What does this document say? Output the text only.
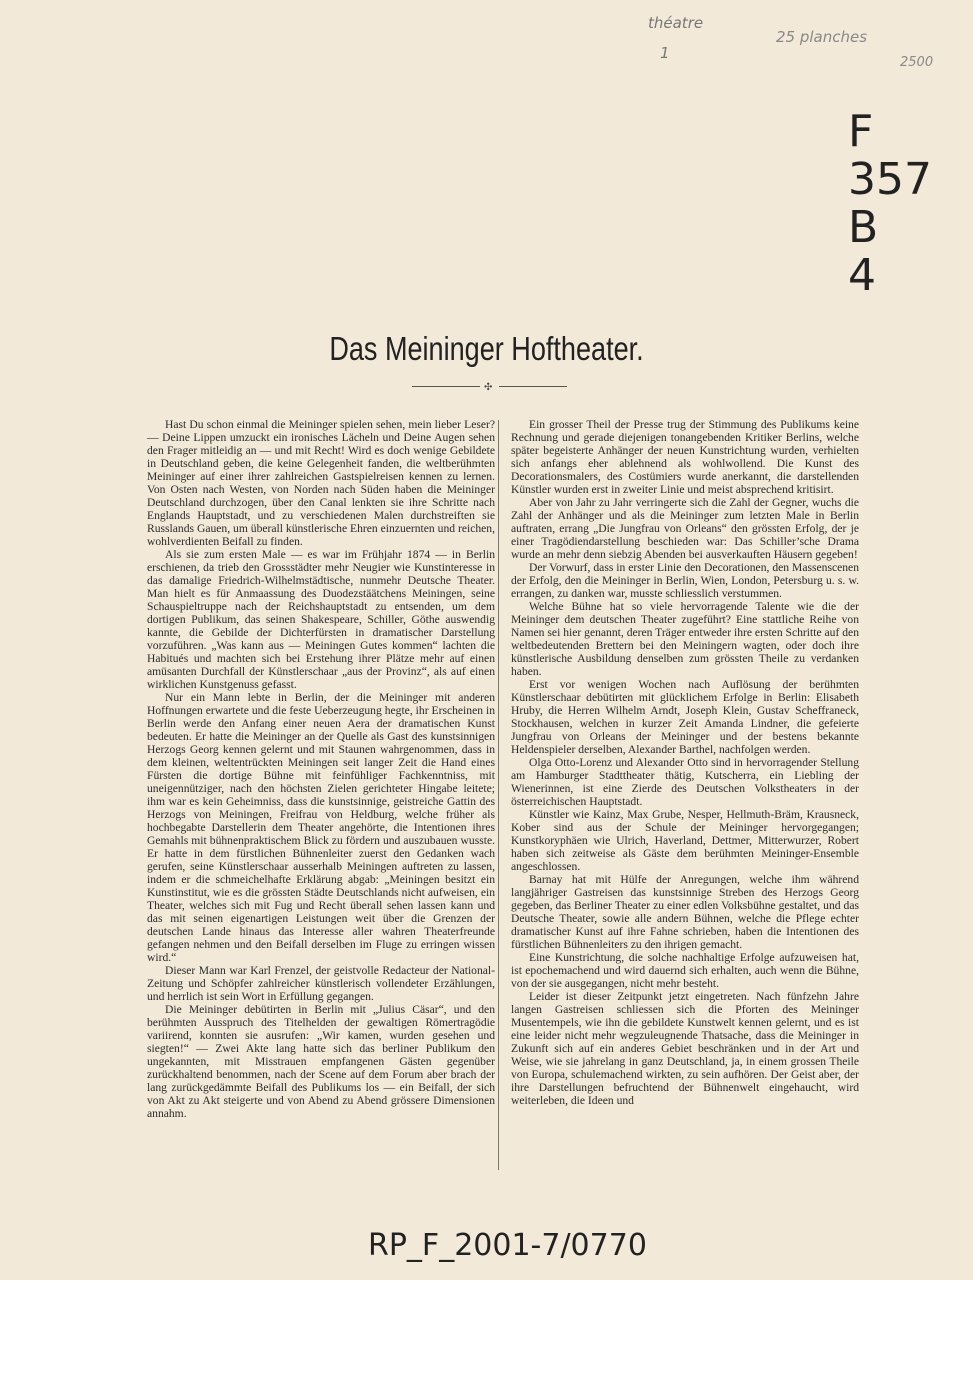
théatre
1
25 planches
2500
F
357
B
4
Das Meininger Hoftheater.
✣

Hast Du schon einmal die Meininger spielen sehen, mein lieber Leser? — Deine Lippen umzuckt ein ironisches Lächeln und Deine Augen sehen den Frager mitleidig an — und mit Recht! Wird es doch wenige Gebildete in Deutschland geben, die keine Gelegenheit fanden, die weltberühmten Meininger auf einer ihrer zahlreichen Gastspielreisen kennen zu lernen. Von Osten nach Westen, von Norden nach Süden haben die Meininger Deutschland durchzogen, über den Canal lenkten sie ihre Schritte nach Englands Hauptstadt, und zu verschiedenen Malen durchstreiften sie Russlands Gauen, um überall künstlerische Ehren einzuernten und reichen, wohlverdienten Beifall zu finden.

Als sie zum ersten Male — es war im Frühjahr 1874 — in Berlin erschienen, da trieb den Grossstädter mehr Neugier wie Kunstinteresse in das damalige Friedrich-Wilhelmstädtische, nunmehr Deutsche Theater. Man hielt es für Anmaassung des Duodezstäätchens Meiningen, seine Schauspieltruppe nach der Reichshauptstadt zu entsenden, um dem dortigen Publikum, das seinen Shakespeare, Schiller, Göthe auswendig kannte, die Gebilde der Dichterfürsten in dramatischer Darstellung vorzuführen. „Was kann aus — Meiningen Gutes kommen“ lachten die Habitués und machten sich bei Erstehung ihrer Plätze mehr auf einen amüsanten Durchfall der Künstlerschaar „aus der Provinz“, als auf einen wirklichen Kunstgenuss gefasst.

Nur ein Mann lebte in Berlin, der die Meininger mit anderen Hoffnungen erwartete und die feste Ueberzeugung hegte, ihr Erscheinen in Berlin werde den Anfang einer neuen Aera der dramatischen Kunst bedeuten. Er hatte die Meininger an der Quelle als Gast des kunstsinnigen Herzogs Georg kennen gelernt und mit Staunen wahrgenommen, dass in dem kleinen, weltentrückten Meiningen seit langer Zeit die Hand eines Fürsten die dortige Bühne mit feinfühliger Fachkenntniss, mit uneigennütziger, nach den höchsten Zielen gerichteter Hingabe leitete; ihm war es kein Geheimniss, dass die kunstsinnige, geistreiche Gattin des Herzogs von Meiningen, Freifrau von Heldburg, welche früher als hochbegabte Darstellerin dem Theater angehörte, die Intentionen ihres Gemahls mit bühnenpraktischem Blick zu fördern und auszubauen wusste. Er hatte in dem fürstlichen Bühnenleiter zuerst den Gedanken wach gerufen, seine Künstlerschaar ausserhalb Meiningen auftreten zu lassen, indem er die schmeichelhafte Erklärung abgab: „Meiningen besitzt ein Kunstinstitut, wie es die grössten Städte Deutschlands nicht aufweisen, ein Theater, welches sich mit Fug und Recht überall sehen lassen kann und das mit seinen eigenartigen Leistungen weit über die Grenzen der deutschen Lande hinaus das Interesse aller wahren Theaterfreunde gefangen nehmen und den Beifall derselben im Fluge zu erringen wissen wird.“

Dieser Mann war Karl Frenzel, der geistvolle Redacteur der National-Zeitung und Schöpfer zahlreicher künstlerisch vollendeter Erzählungen, und herrlich ist sein Wort in Erfüllung gegangen.

Die Meininger debütirten in Berlin mit „Julius Cäsar“, und den berühmten Ausspruch des Titelhelden der gewaltigen Römertragödie variirend, konnten sie ausrufen: „Wir kamen, wurden gesehen und siegten!“ — Zwei Akte lang hatte sich das berliner Publikum den ungekannten, mit Misstrauen empfangenen Gästen gegenüber zurückhaltend benommen, nach der Scene auf dem Forum aber brach der lang zurückgedämmte Beifall des Publikums los — ein Beifall, der sich von Akt zu Akt steigerte und von Abend zu Abend grössere Dimensionen annahm.

Ein grosser Theil der Presse trug der Stimmung des Publikums keine Rechnung und gerade diejenigen tonangebenden Kritiker Berlins, welche später begeisterte Anhänger der neuen Kunstrichtung wurden, verhielten sich anfangs eher ablehnend als wohlwollend. Die Kunst des Decorationsmalers, des Costümiers wurde anerkannt, die darstellenden Künstler wurden erst in zweiter Linie und meist absprechend kritisirt.

Aber von Jahr zu Jahr verringerte sich die Zahl der Gegner, wuchs die Zahl der Anhänger und als die Meininger zum letzten Male in Berlin auftraten, errang „Die Jungfrau von Orleans“ den grössten Erfolg, der je einer Tragödiendarstellung beschieden war: Das Schiller’sche Drama wurde an mehr denn siebzig Abenden bei ausverkauften Häusern gegeben!

Der Vorwurf, dass in erster Linie den Decorationen, den Massenscenen der Erfolg, den die Meininger in Berlin, Wien, London, Petersburg u. s. w. errangen, zu danken war, musste schliesslich verstummen.

Welche Bühne hat so viele hervorragende Talente wie die der Meininger dem deutschen Theater zugeführt? Eine stattliche Reihe von Namen sei hier genannt, deren Träger entweder ihre ersten Schritte auf den weltbedeutenden Brettern bei den Meiningern wagten, oder doch ihre künstlerische Ausbildung denselben zum grössten Theile zu verdanken haben.

Erst vor wenigen Wochen nach Auflösung der berühmten Künstlerschaar debütirten mit glücklichem Erfolge in Berlin: Elisabeth Hruby, die Herren Wilhelm Arndt, Joseph Klein, Gustav Scheffraneck, Stockhausen, welchen in kurzer Zeit Amanda Lindner, die gefeierte Jungfrau von Orleans der Meininger und der bestens bekannte Heldenspieler derselben, Alexander Barthel, nachfolgen werden.

Olga Otto-Lorenz und Alexander Otto sind in hervorragender Stellung am Hamburger Stadttheater thätig, Kutscherra, ein Liebling der Wienerinnen, ist eine Zierde des Deutschen Volkstheaters in der österreichischen Hauptstadt.

Künstler wie Kainz, Max Grube, Nesper, Hellmuth-Bräm, Krausneck, Kober sind aus der Schule der Meininger hervorgegangen; Kunstkoryphäen wie Ulrich, Haverland, Dettmer, Mitterwurzer, Robert haben sich zeitweise als Gäste dem berühmten Meininger-Ensemble angeschlossen.

Barnay hat mit Hülfe der Anregungen, welche ihm während langjähriger Gastreisen das kunstsinnige Streben des Herzogs Georg gegeben, das Berliner Theater zu einer edlen Volksbühne gestaltet, und das Deutsche Theater, sowie alle andern Bühnen, welche die Pflege echter dramatischer Kunst auf ihre Fahne schrieben, haben die Intentionen des fürstlichen Bühnenleiters zu den ihrigen gemacht.

Eine Kunstrichtung, die solche nachhaltige Erfolge aufzuweisen hat, ist epochemachend und wird dauernd sich erhalten, auch wenn die Bühne, von der sie ausgegangen, nicht mehr besteht.

Leider ist dieser Zeitpunkt jetzt eingetreten. Nach fünfzehn Jahre langen Gastreisen schliessen sich die Pforten des Meininger Musentempels, wie ihn die gebildete Kunstwelt kennen gelernt, und es ist eine leider nicht mehr wegzuleugnende Thatsache, dass die Meininger in Zukunft sich auf ein anderes Gebiet beschränken und in der Art und Weise, wie sie jahrelang in ganz Deutschland, ja, in einem grossen Theile von Europa, schulemachend wirkten, zu sein aufhören. Der Geist aber, der ihre Darstellungen befruchtend der Bühnenwelt eingehaucht, wird weiterleben, die Ideen und

RP_F_2001-7/0770
